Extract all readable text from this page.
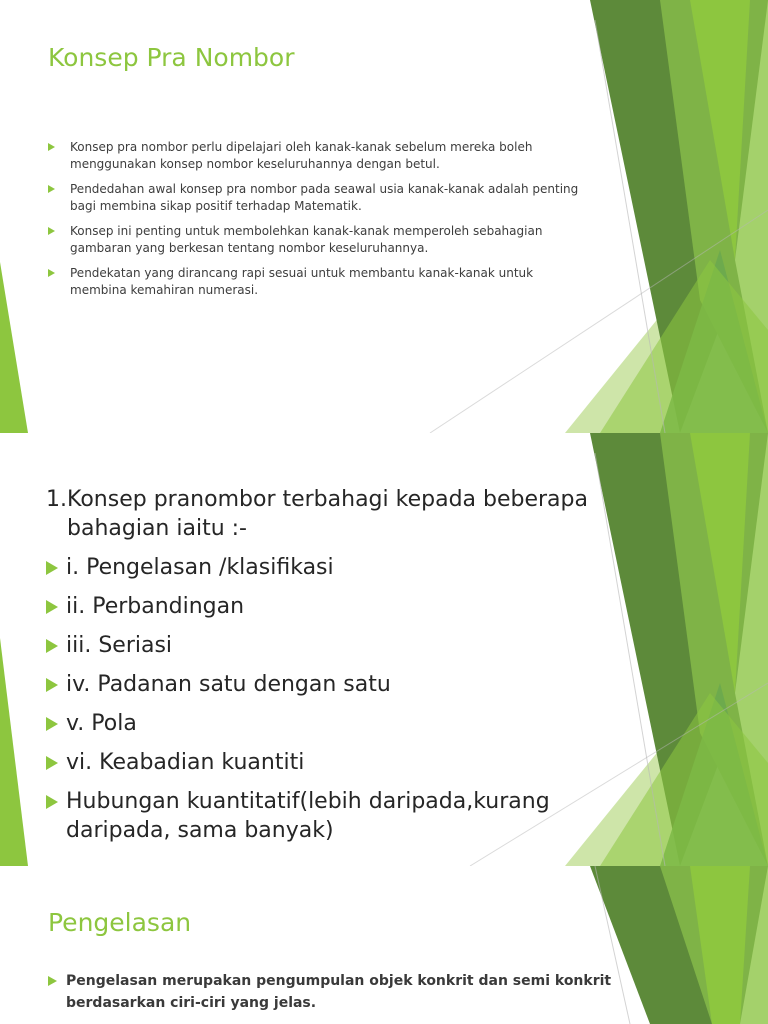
Konsep Pra Nombor
Konsep pra nombor perlu dipelajari oleh kanak-kanak sebelum mereka boleh menggunakan konsep nombor keseluruhannya dengan betul.
Pendedahan awal konsep pra nombor pada seawal usia kanak-kanak adalah penting bagi membina sikap positif terhadap Matematik.
Konsep ini penting untuk membolehkan kanak-kanak memperoleh sebahagian gambaran yang berkesan tentang nombor keseluruhannya.
Pendekatan yang dirancang rapi sesuai untuk membantu kanak-kanak untuk membina kemahiran numerasi.
1. Konsep pranombor terbahagi kepada beberapa bahagian iaitu :-
i. Pengelasan /klasifikasi
ii. Perbandingan
iii. Seriasi
iv. Padanan satu dengan satu
v. Pola
vi. Keabadian kuantiti
Hubungan kuantitatif(lebih daripada,kurang daripada, sama banyak)
Pengelasan
Pengelasan merupakan pengumpulan objek konkrit dan semi konkrit berdasarkan ciri-ciri yang jelas.
